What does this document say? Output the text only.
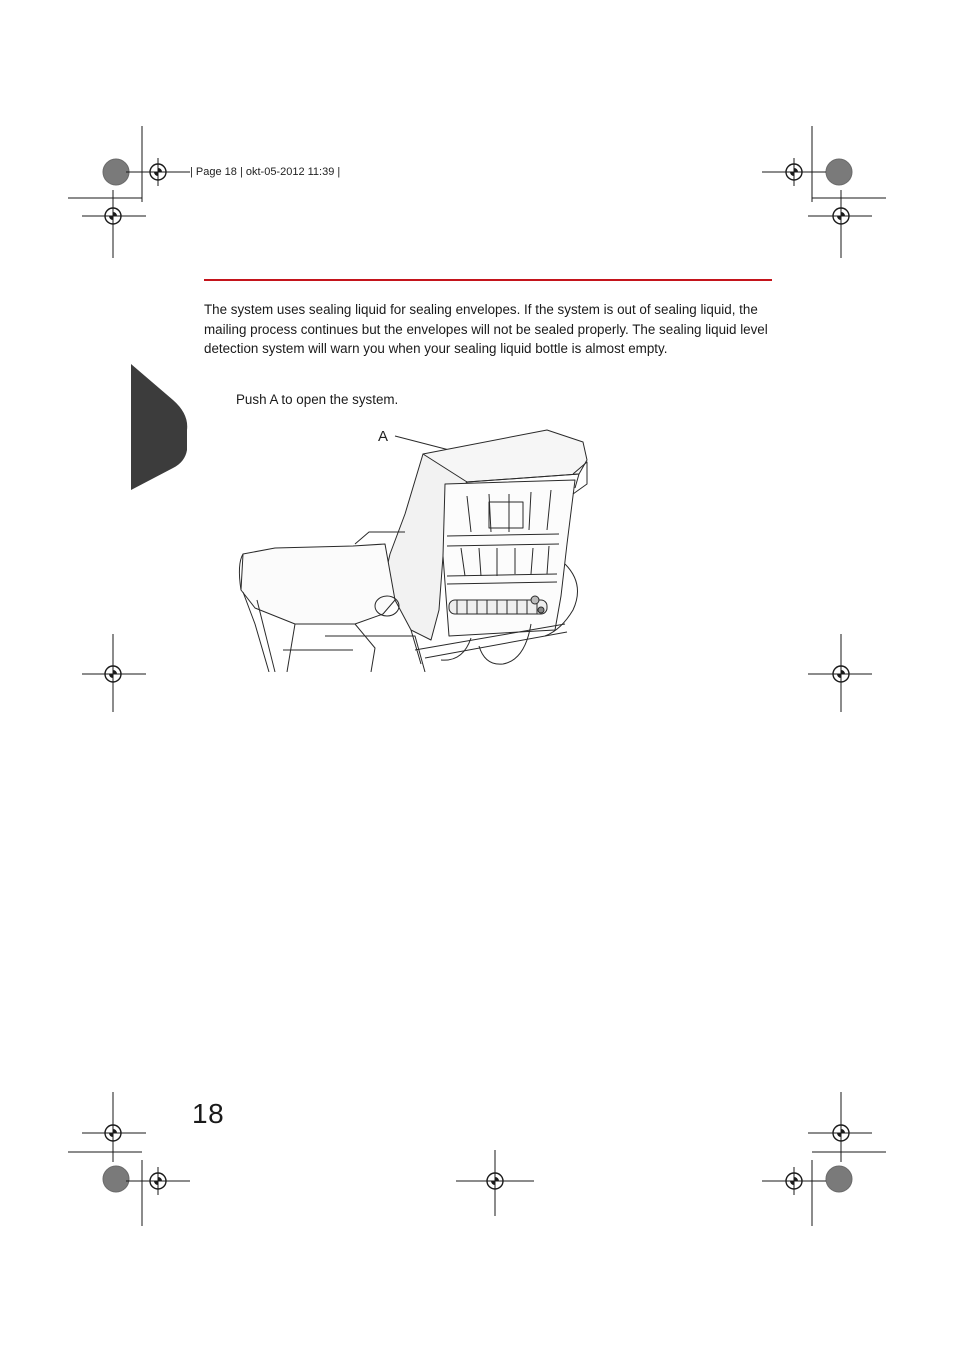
| Page 18 | okt-05-2012 11:39 |

The system uses sealing liquid for sealing envelopes. If the system is out of sealing liquid, the mailing process continues but the envelopes will not be sealed properly. The sealing liquid level detection system will warn you when your sealing liquid bottle is almost empty.

Push A to open the system.
A
18
